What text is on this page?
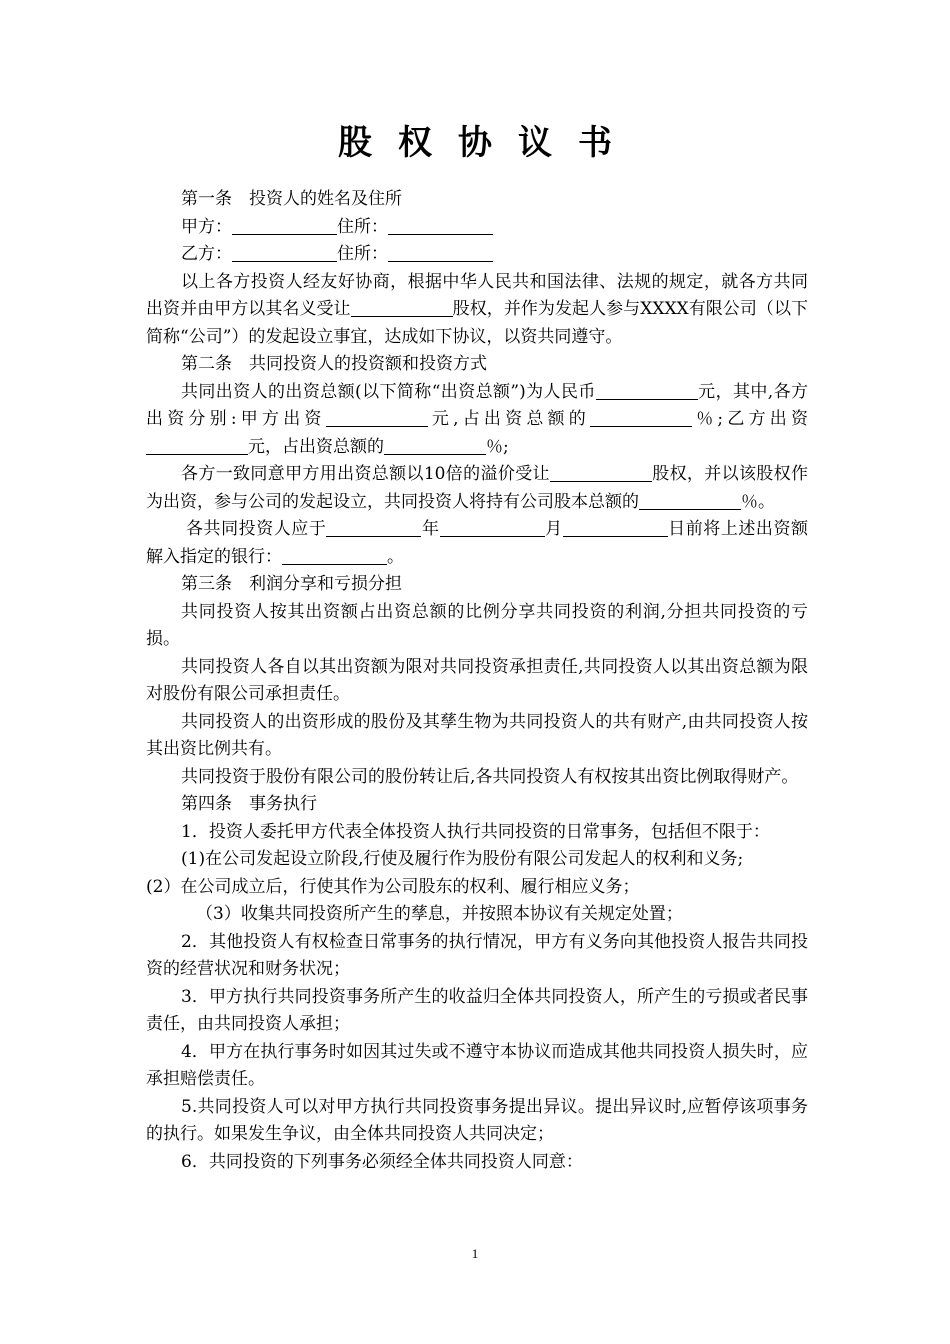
股权协议书

第一条 投资人的姓名及住所

甲方：	住所：

乙方：	住所：

以上各方投资人经友好协商，根据中华人民共和国法律、法规的规定，就各方共同出资并由甲方以其名义受让	股权，并作为发起人参与XXXX有限公司（以下简称“公司”）的发起设立事宜，达成如下协议，以资共同遵守。

第二条 共同投资人的投资额和投资方式

共同出资人的出资总额(以下简称“出资总额”)为人民币	元，其中,各方出资分别:甲方出资	元,占出资总额的	％;乙方出资元，占出资总额的	％;

各方一致同意甲方用出资总额以10倍的溢价受让	股权，并以该股权作为出资，参与公司的发起设立，共同投资人将持有公司股本总额的	％。

各共同投资人应于	年	月	日前将上述出资额解入指定的银行：	。

第三条 利润分享和亏损分担

共同投资人按其出资额占出资总额的比例分享共同投资的利润,分担共同投资的亏损。

共同投资人各自以其出资额为限对共同投资承担责任,共同投资人以其出资总额为限对股份有限公司承担责任。

共同投资人的出资形成的股份及其孳生物为共同投资人的共有财产,由共同投资人按其出资比例共有。

共同投资于股份有限公司的股份转让后,各共同投资人有权按其出资比例取得财产。

第四条 事务执行

1．投资人委托甲方代表全体投资人执行共同投资的日常事务，包括但不限于：

(1)在公司发起设立阶段,行使及履行作为股份有限公司发起人的权利和义务;

(2）在公司成立后，行使其作为公司股东的权利、履行相应义务；

（3）收集共同投资所产生的孳息，并按照本协议有关规定处置；

2．其他投资人有权检查日常事务的执行情况，甲方有义务向其他投资人报告共同投资的经营状况和财务状况；

3．甲方执行共同投资事务所产生的收益归全体共同投资人，所产生的亏损或者民事责任，由共同投资人承担；

4．甲方在执行事务时如因其过失或不遵守本协议而造成其他共同投资人损失时，应承担赔偿责任。

5.共同投资人可以对甲方执行共同投资事务提出异议。提出异议时,应暂停该项事务的执行。如果发生争议，由全体共同投资人共同决定；

6．共同投资的下列事务必须经全体共同投资人同意：

1
